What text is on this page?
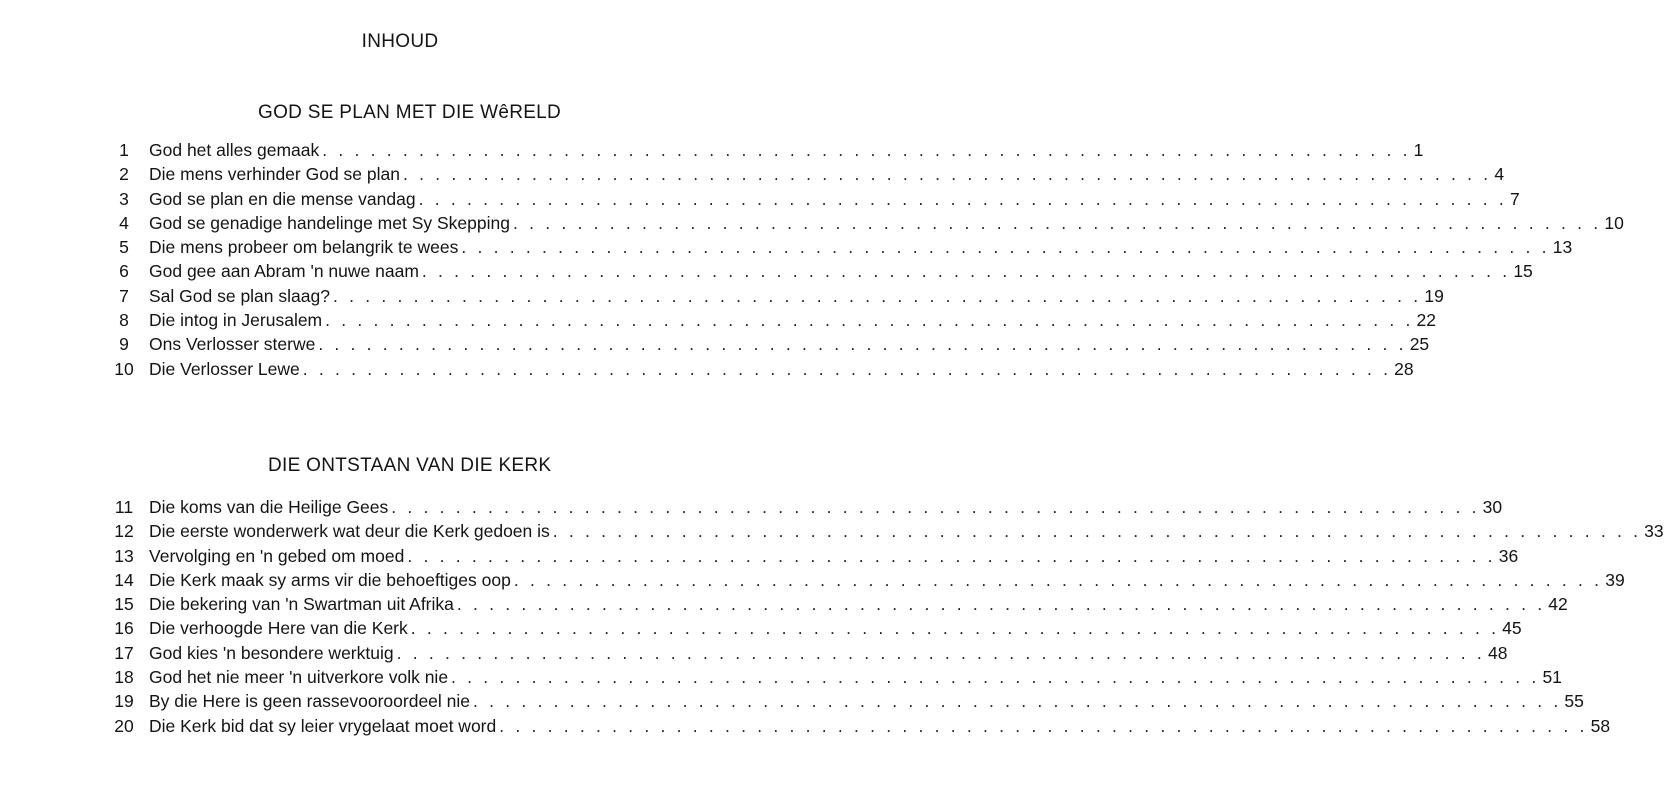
INHOUD
GOD SE PLAN MET DIE WêRELD
1	God het alles gemaak . . . . . . . . . . . . . . . . . . . . . . . . . . . . . . . . . . . . . . . . . . . . . . . . . . . . . . . . . . . . . . . . . . . . 1
2	Die mens verhinder God se plan . . . . . . . . . . . . . . . . . . . . . . . . . . . . . . . . . . . . . . . . . . . . . . . . . . . . . . . . . . . . . . . . . . . . 4
3	God se plan en die mense vandag . . . . . . . . . . . . . . . . . . . . . . . . . . . . . . . . . . . . . . . . . . . . . . . . . . . . . . . . . . . . . . . . . . . . 7
4	God se genadige handelinge met Sy Skepping . . . . . . . . . . . . . . . . . . . . . . . . . . . . . . . . . . . . . . . . . . . . . . . . . . . . . . . . . . . . . . . . . . . . 10
5	Die mens probeer om belangrik te wees . . . . . . . . . . . . . . . . . . . . . . . . . . . . . . . . . . . . . . . . . . . . . . . . . . . . . . . . . . . . . . . . . . . . 13
6	God gee aan Abram 'n nuwe naam . . . . . . . . . . . . . . . . . . . . . . . . . . . . . . . . . . . . . . . . . . . . . . . . . . . . . . . . . . . . . . . . . . . . 15
7	Sal God se plan slaag? . . . . . . . . . . . . . . . . . . . . . . . . . . . . . . . . . . . . . . . . . . . . . . . . . . . . . . . . . . . . . . . . . . . . 19
8	Die intog in Jerusalem . . . . . . . . . . . . . . . . . . . . . . . . . . . . . . . . . . . . . . . . . . . . . . . . . . . . . . . . . . . . . . . . . . . . 22
9	Ons Verlosser sterwe . . . . . . . . . . . . . . . . . . . . . . . . . . . . . . . . . . . . . . . . . . . . . . . . . . . . . . . . . . . . . . . . . . . . 25
10 Die Verlosser Lewe . . . . . . . . . . . . . . . . . . . . . . . . . . . . . . . . . . . . . . . . . . . . . . . . . . . . . . . . . . . . . . . . . . . . 28
DIE ONTSTAAN VAN DIE KERK
11 Die koms van die Heilige Gees . . . . . . . . . . . . . . . . . . . . . . . . . . . . . . . . . . . . . . . . . . . . . . . . . . . . . . . . . . . . . . . . . . . . 30
12 Die eerste wonderwerk wat deur die Kerk gedoen is . . . . . . . . . . . . . . . . . . . . . . . . . . . . . . . . . . . . . . . . . . . . . . . . . . . . . . . . . . . . . . . . . . . . 33
13 Vervolging en 'n gebed om moed . . . . . . . . . . . . . . . . . . . . . . . . . . . . . . . . . . . . . . . . . . . . . . . . . . . . . . . . . . . . . . . . . . . . 36
14 Die Kerk maak sy arms vir die behoeftiges oop . . . . . . . . . . . . . . . . . . . . . . . . . . . . . . . . . . . . . . . . . . . . . . . . . . . . . . . . . . . . . . . . . . . . 39
15 Die bekering van 'n Swartman uit Afrika . . . . . . . . . . . . . . . . . . . . . . . . . . . . . . . . . . . . . . . . . . . . . . . . . . . . . . . . . . . . . . . . . . . . 42
16 Die verhoogde Here van die Kerk . . . . . . . . . . . . . . . . . . . . . . . . . . . . . . . . . . . . . . . . . . . . . . . . . . . . . . . . . . . . . . . . . . . . 45
17 God kies 'n besondere werktuig . . . . . . . . . . . . . . . . . . . . . . . . . . . . . . . . . . . . . . . . . . . . . . . . . . . . . . . . . . . . . . . . . . . . 48
18 God het nie meer 'n uitverkore volk nie . . . . . . . . . . . . . . . . . . . . . . . . . . . . . . . . . . . . . . . . . . . . . . . . . . . . . . . . . . . . . . . . . . . . 51
19 By die Here is geen rassevooroordeel nie . . . . . . . . . . . . . . . . . . . . . . . . . . . . . . . . . . . . . . . . . . . . . . . . . . . . . . . . . . . . . . . . . . . . 55
20 Die Kerk bid dat sy leier vrygelaat moet word . . . . . . . . . . . . . . . . . . . . . . . . . . . . . . . . . . . . . . . . . . . . . . . . . . . . . . . . . . . . . . . . . . . . 58
